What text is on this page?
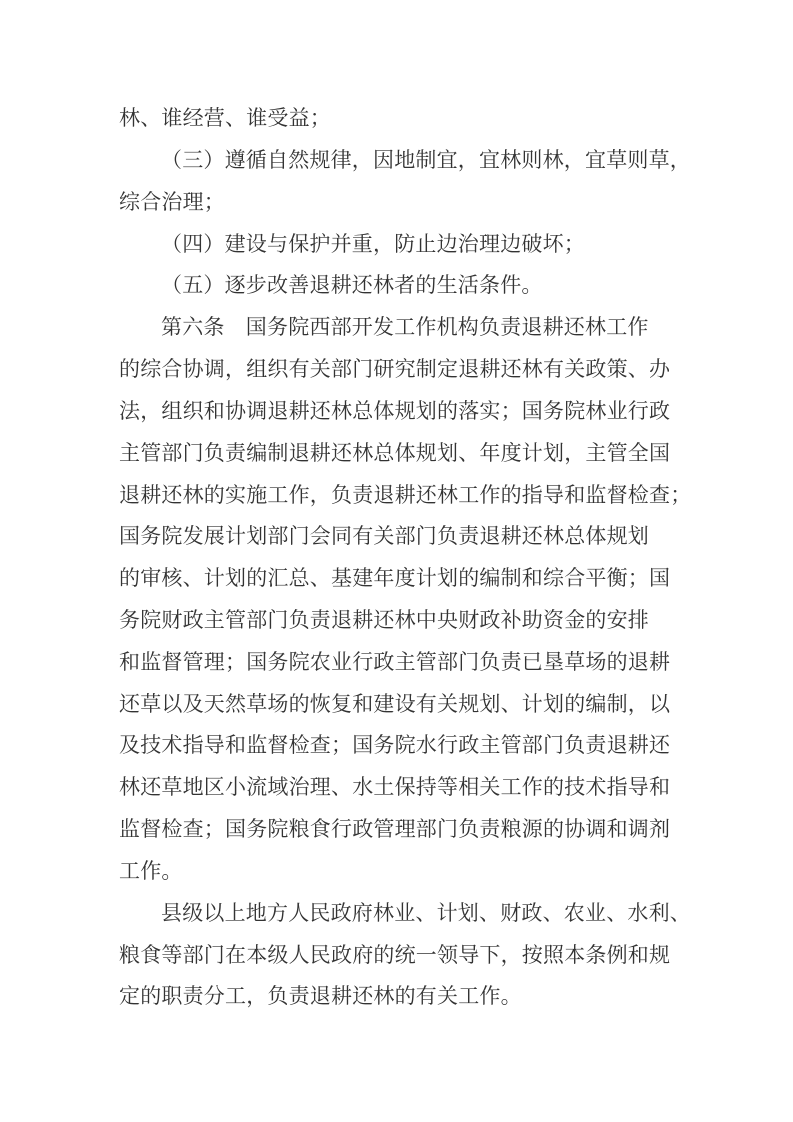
林、谁经营、谁受益；
（三）遵循自然规律，因地制宜，宜林则林，宜草则草，
综合治理；
（四）建设与保护并重，防止边治理边破坏；
（五）逐步改善退耕还林者的生活条件。
第六条　国务院西部开发工作机构负责退耕还林工作
的综合协调，组织有关部门研究制定退耕还林有关政策、办
法，组织和协调退耕还林总体规划的落实；国务院林业行政
主管部门负责编制退耕还林总体规划、年度计划，主管全国
退耕还林的实施工作，负责退耕还林工作的指导和监督检查；
国务院发展计划部门会同有关部门负责退耕还林总体规划
的审核、计划的汇总、基建年度计划的编制和综合平衡；国
务院财政主管部门负责退耕还林中央财政补助资金的安排
和监督管理；国务院农业行政主管部门负责已垦草场的退耕
还草以及天然草场的恢复和建设有关规划、计划的编制，以
及技术指导和监督检查；国务院水行政主管部门负责退耕还
林还草地区小流域治理、水土保持等相关工作的技术指导和
监督检查；国务院粮食行政管理部门负责粮源的协调和调剂
工作。
县级以上地方人民政府林业、计划、财政、农业、水利、
粮食等部门在本级人民政府的统一领导下，按照本条例和规
定的职责分工，负责退耕还林的有关工作。
